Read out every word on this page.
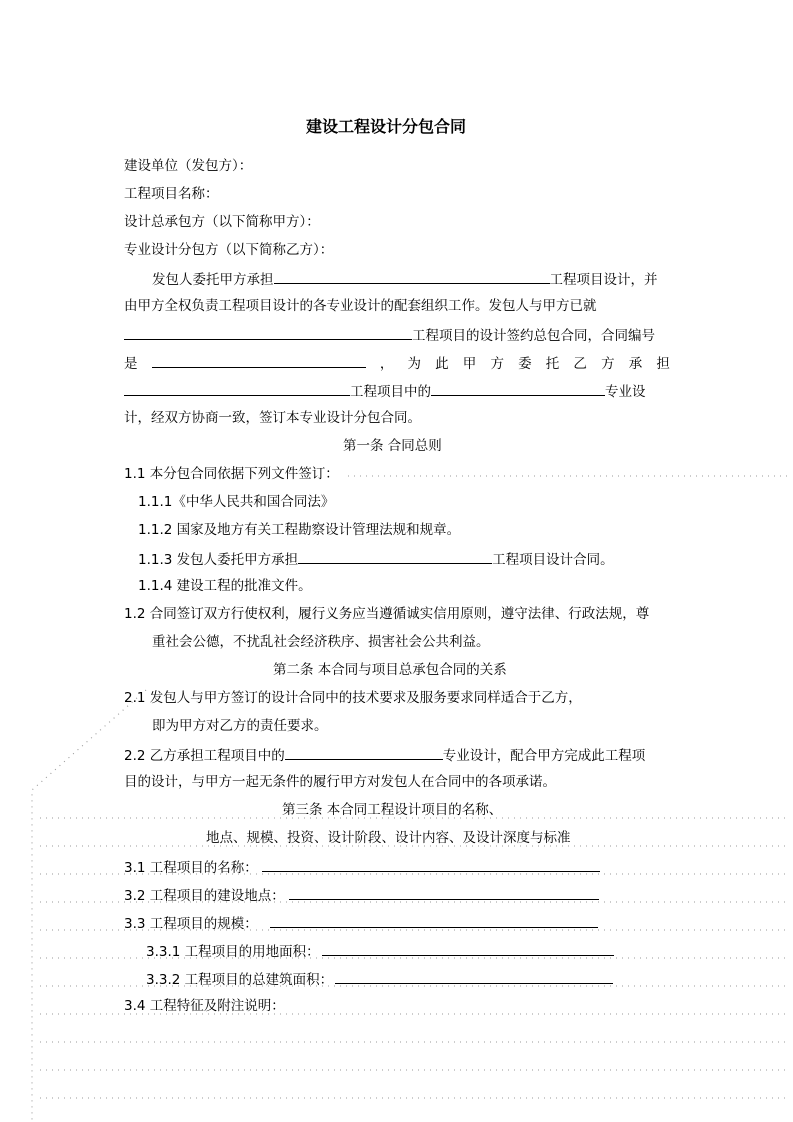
建设工程设计分包合同
建设单位（发包方）：
工程项目名称：
设计总承包方（以下简称甲方）：
专业设计分包方（以下简称乙方）：
发包人委托甲方承担	工程项目设计，并
由甲方全权负责工程项目设计的各专业设计的配套组织工作。发包人与甲方已就
工程项目的设计签约总包合同，合同编号
是	， 为 此 甲 方 委 托 乙 方 承 担
工程项目中的	专业设
计，经双方协商一致，签订本专业设计分包合同。
第一条 合同总则
1.1 本分包合同依据下列文件签订：
1.1.1《中华人民共和国合同法》
1.1.2 国家及地方有关工程勘察设计管理法规和规章。
1.1.3 发包人委托甲方承担	工程项目设计合同。
1.1.4 建设工程的批准文件。
1.2 合同签订双方行使权利，履行义务应当遵循诚实信用原则，遵守法律、行政法规，尊
重社会公德，不扰乱社会经济秩序、损害社会公共利益。
第二条 本合同与项目总承包合同的关系
2.1 发包人与甲方签订的设计合同中的技术要求及服务要求同样适合于乙方，
即为甲方对乙方的责任要求。
2.2 乙方承担工程项目中的	专业设计，配合甲方完成此工程项
目的设计，与甲方一起无条件的履行甲方对发包人在合同中的各项承诺。
第三条 本合同工程设计项目的名称、
地点、规模、投资、设计阶段、设计内容、及设计深度与标准
3.1 工程项目的名称：
3.2 工程项目的建设地点：
3.3 工程项目的规模：
3.3.1 工程项目的用地面积：
3.3.2 工程项目的总建筑面积：
3.4 工程特征及附注说明：
